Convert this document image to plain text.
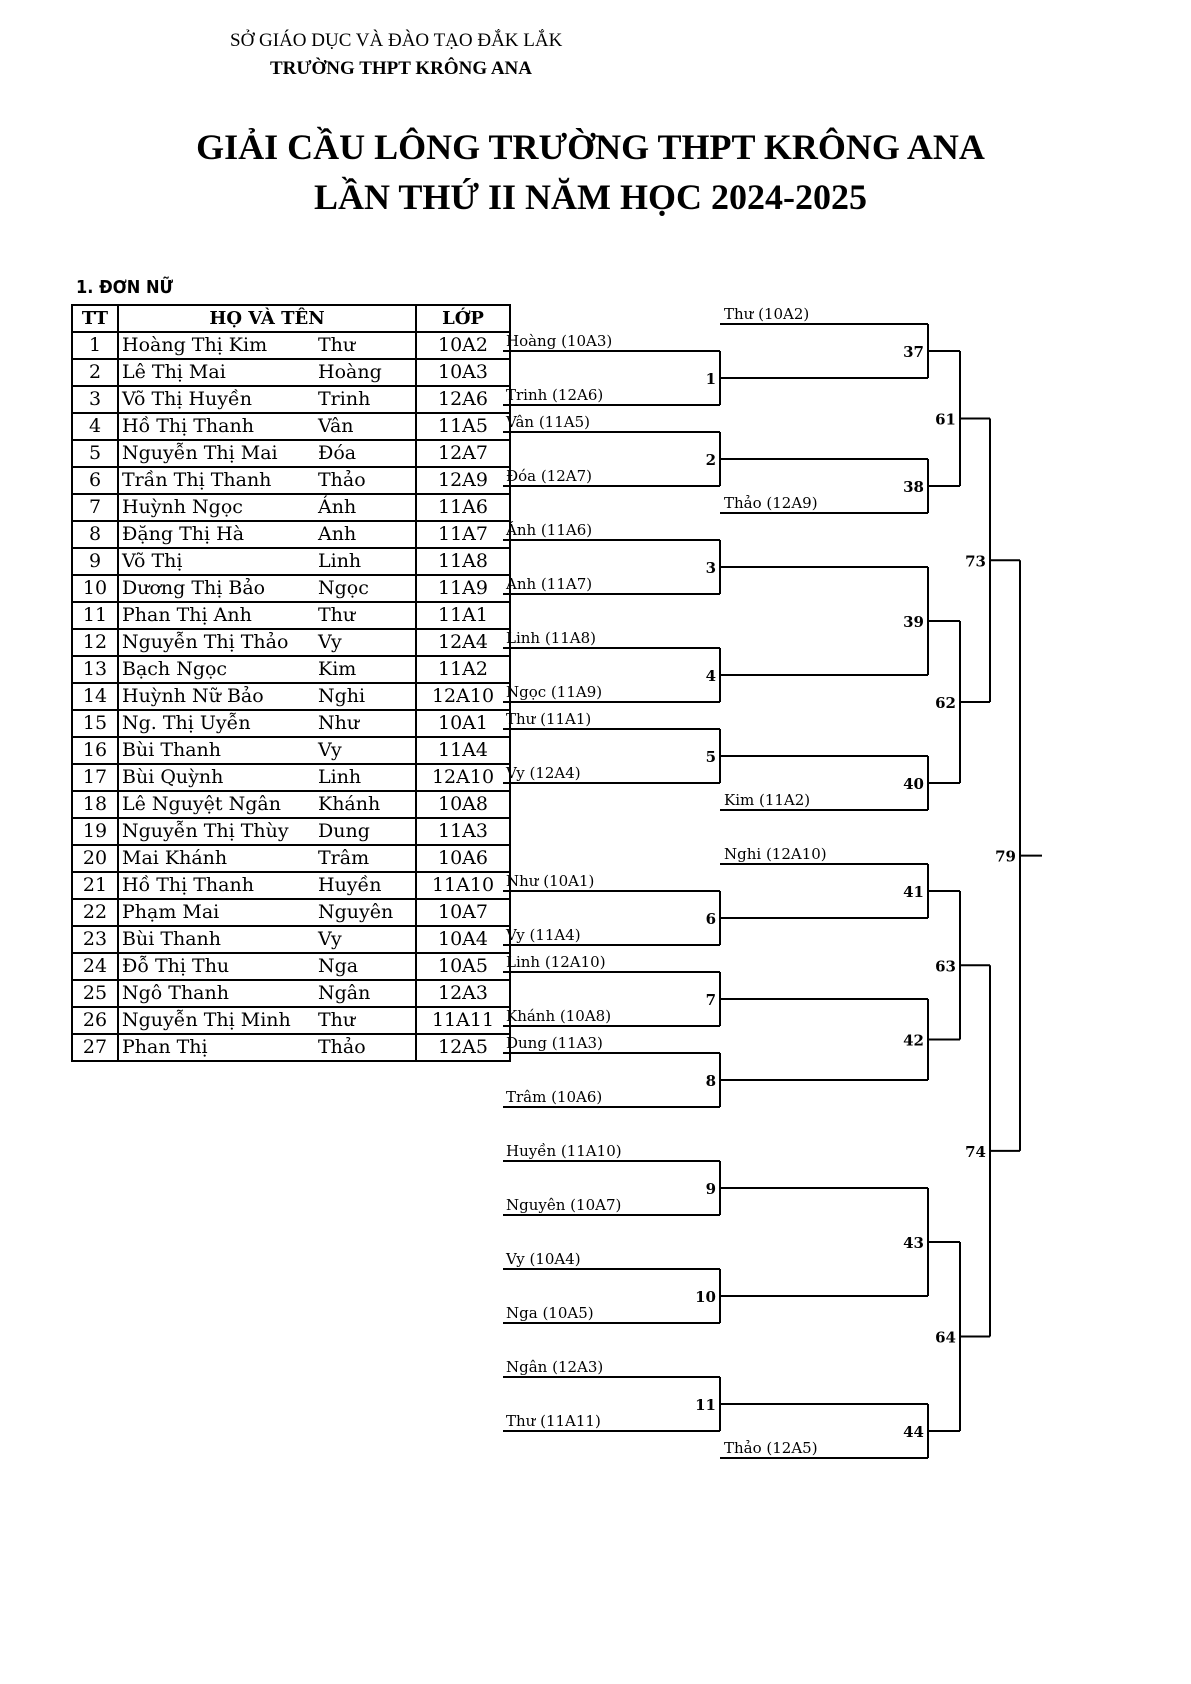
SỞ GIÁO DỤC VÀ ĐÀO TẠO ĐẮK LẮK
TRƯỜNG THPT KRÔNG ANA
GIẢI CẦU LÔNG TRƯỜNG THPT KRÔNG ANA
LẦN THỨ II NĂM HỌC 2024-2025
1. ĐƠN NỮ
TT	HỌ VÀ TÊN	LỚP
1	Hoàng Thị Kim Thư	10A2
2	Lê Thị Mai Hoàng	10A3
3	Võ Thị Huyền Trinh	12A6
4	Hồ Thị Thanh Vân	11A5
5	Nguyễn Thị Mai Đóa	12A7
6	Trần Thị Thanh Thảo	12A9
7	Huỳnh Ngọc Ánh	11A6
8	Đặng Thị Hà Anh	11A7
9	Võ Thị Linh	11A8
10	Dương Thị Bảo Ngọc	11A9
11	Phan Thị Anh Thư	11A1
12	Nguyễn Thị Thảo Vy	12A4
13	Bạch Ngọc Kim	11A2
14	Huỳnh Nữ Bảo Nghi	12A10
15	Ng. Thị Uyễn Như	10A1
16	Bùi Thanh Vy	11A4
17	Bùi Quỳnh Linh	12A10
18	Lê Nguyệt Ngân Khánh	10A8
19	Nguyễn Thị Thùy Dung	11A3
20	Mai Khánh Trâm	10A6
21	Hồ Thị Thanh Huyền	11A10
22	Phạm Mai Nguyên	10A7
23	Bùi Thanh Vy	10A4
24	Đỗ Thị Thu Nga	10A5
25	Ngô Thanh Ngân	12A3
26	Nguyễn Thị Minh Thư	11A11
27	Phan Thị Thảo	12A5
Hoàng (10A3)
Trinh (12A6)
1
Vân (11A5)
Đóa (12A7)
2
Ánh (11A6)
Anh (11A7)
3
Linh (11A8)
Ngọc (11A9)
4
Thư (11A1)
Vy (12A4)
5
Như (10A1)
Vy (11A4)
6
Linh (12A10)
Khánh (10A8)
7
Dung (11A3)
Trâm (10A6)
8
Huyền (11A10)
Nguyên (10A7)
9
Vy (10A4)
Nga (10A5)
10
Ngân (12A3)
Thư (11A11)
11
Thư (10A2)
37
Thảo (12A9)
38
39
Kim (11A2)
40
Nghi (12A10)
41
42
43
Thảo (12A5)
44
61
62
63
64
73
74
79
